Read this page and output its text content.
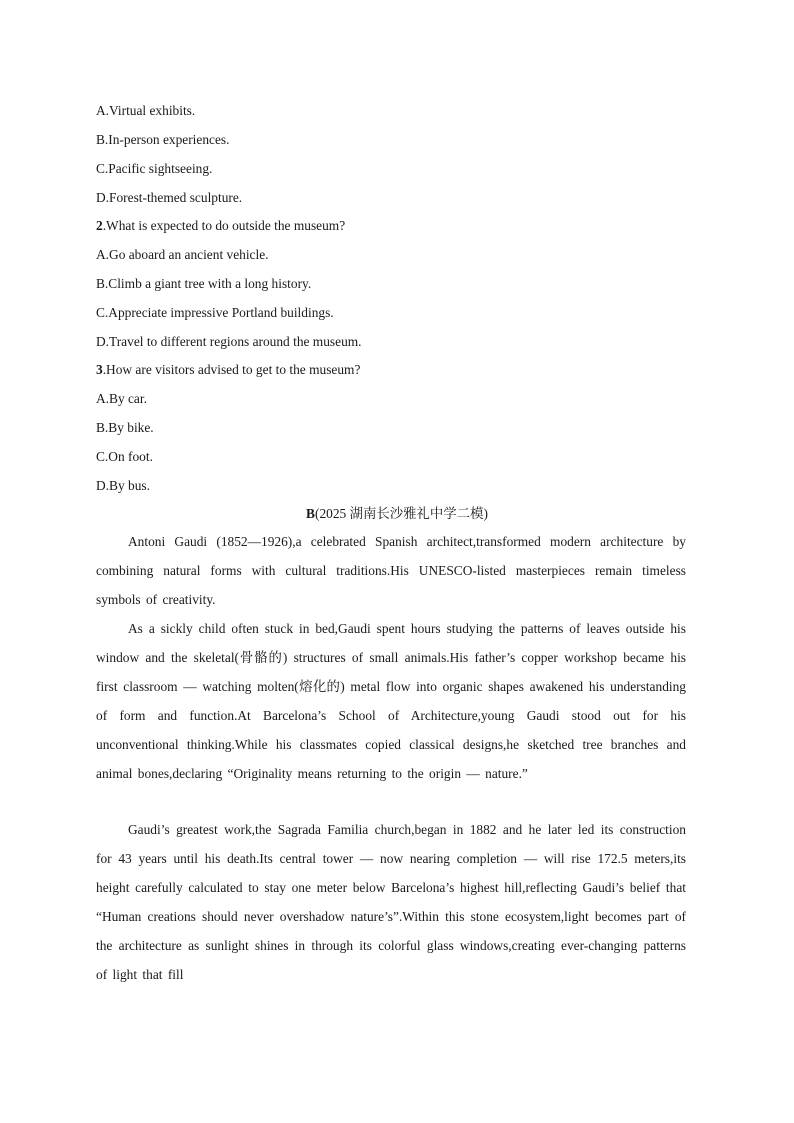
A.Virtual exhibits.
B.In-person experiences.
C.Pacific sightseeing.
D.Forest-themed sculpture.
2.What is expected to do outside the museum?
A.Go aboard an ancient vehicle.
B.Climb a giant tree with a long history.
C.Appreciate impressive Portland buildings.
D.Travel to different regions around the museum.
3.How are visitors advised to get to the museum?
A.By car.
B.By bike.
C.On foot.
D.By bus.
B(2025 湖南长沙雅礼中学二模)
Antoni Gaudi (1852—1926),a celebrated Spanish architect,transformed modern architecture by combining natural forms with cultural traditions.His UNESCO-listed masterpieces remain timeless symbols of creativity.
As a sickly child often stuck in bed,Gaudi spent hours studying the patterns of leaves outside his window and the skeletal(骨骼的) structures of small animals.His father’s copper workshop became his first classroom — watching molten(熔化的) metal flow into organic shapes awakened his understanding of form and function.At Barcelona’s School of Architecture,young Gaudi stood out for his unconventional thinking.While his classmates copied classical designs,he sketched tree branches and animal bones,declaring “Originality means returning to the origin — nature.”
Gaudi’s greatest work,the Sagrada Familia church,began in 1882 and he later led its construction for 43 years until his death.Its central tower — now nearing completion — will rise 172.5 meters,its height carefully calculated to stay one meter below Barcelona’s highest hill,reflecting Gaudi’s belief that “Human creations should never overshadow nature’s”.Within this stone ecosystem,light becomes part of the architecture as sunlight shines in through its colorful glass windows,creating ever-changing patterns of light that fill
